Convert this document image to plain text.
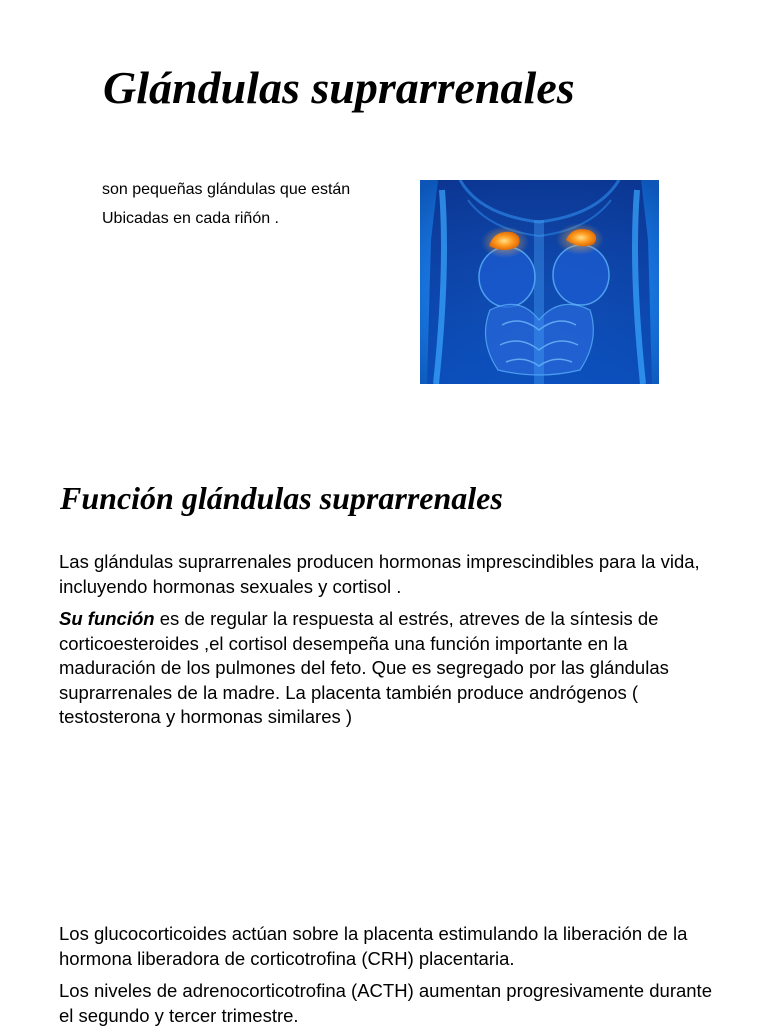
Glándulas suprarrenales

son pequeñas glándulas que están

Ubicadas en cada riñón .

Función glándulas suprarrenales

Las glándulas suprarrenales producen hormonas imprescindibles para la vida, incluyendo hormonas sexuales y cortisol .

Su función es de regular la respuesta al estrés, atreves de la síntesis de corticoesteroides ,el cortisol desempeña una función importante en la maduración de los pulmones del feto. Que es segregado por las glándulas suprarrenales de la madre. La placenta también produce andrógenos ( testosterona y hormonas similares )

Los glucocorticoides actúan sobre la placenta estimulando la liberación de la hormona liberadora de corticotrofina (CRH) placentaria.

Los niveles de adrenocorticotrofina (ACTH) aumentan progresivamente durante el segundo y tercer trimestre.
